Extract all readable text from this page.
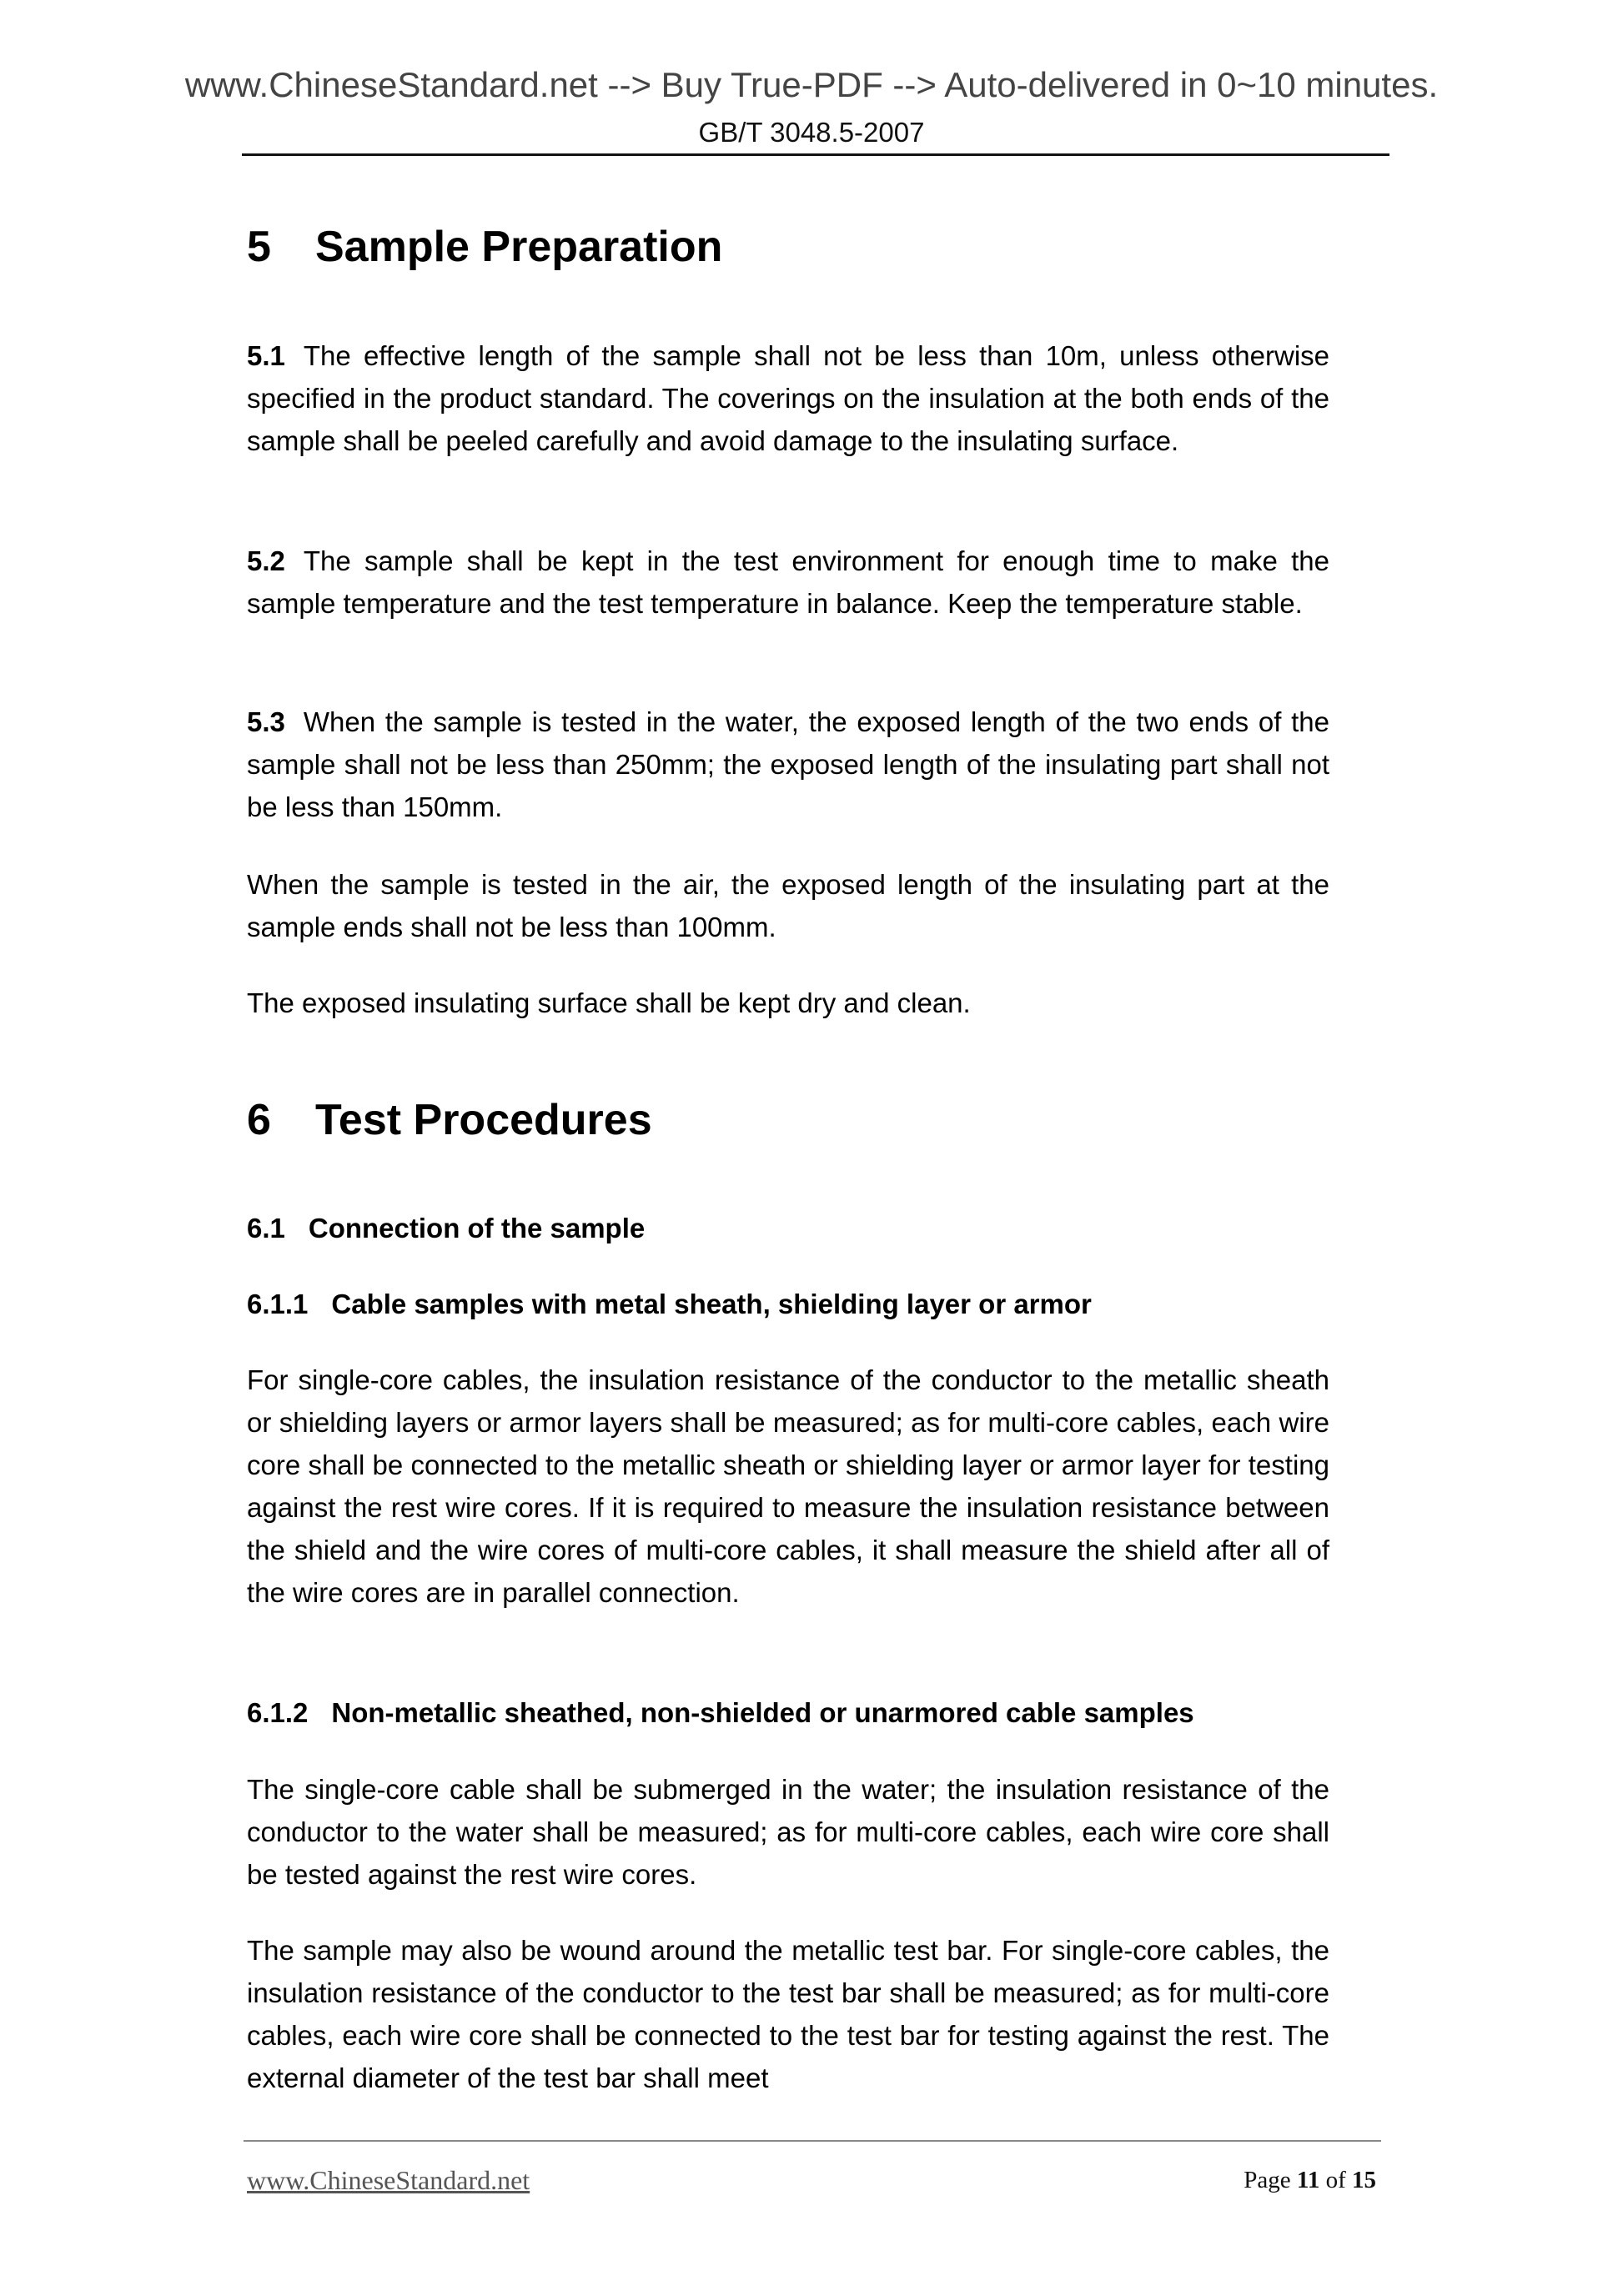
www.ChineseStandard.net --> Buy True-PDF --> Auto-delivered in 0~10 minutes.
GB/T 3048.5-2007
5 Sample Preparation
5.1 The effective length of the sample shall not be less than 10m, unless otherwise specified in the product standard. The coverings on the insulation at the both ends of the sample shall be peeled carefully and avoid damage to the insulating surface.
5.2 The sample shall be kept in the test environment for enough time to make the sample temperature and the test temperature in balance. Keep the temperature stable.
5.3 When the sample is tested in the water, the exposed length of the two ends of the sample shall not be less than 250mm; the exposed length of the insulating part shall not be less than 150mm.
When the sample is tested in the air, the exposed length of the insulating part at the sample ends shall not be less than 100mm.
The exposed insulating surface shall be kept dry and clean.
6 Test Procedures
6.1 Connection of the sample
6.1.1 Cable samples with metal sheath, shielding layer or armor
For single-core cables, the insulation resistance of the conductor to the metallic sheath or shielding layers or armor layers shall be measured; as for multi-core cables, each wire core shall be connected to the metallic sheath or shielding layer or armor layer for testing against the rest wire cores. If it is required to measure the insulation resistance between the shield and the wire cores of multi-core cables, it shall measure the shield after all of the wire cores are in parallel connection.
6.1.2 Non-metallic sheathed, non-shielded or unarmored cable samples
The single-core cable shall be submerged in the water; the insulation resistance of the conductor to the water shall be measured; as for multi-core cables, each wire core shall be tested against the rest wire cores.
The sample may also be wound around the metallic test bar. For single-core cables, the insulation resistance of the conductor to the test bar shall be measured; as for multi-core cables, each wire core shall be connected to the test bar for testing against the rest. The external diameter of the test bar shall meet
www.ChineseStandard.net	Page 11 of 15
